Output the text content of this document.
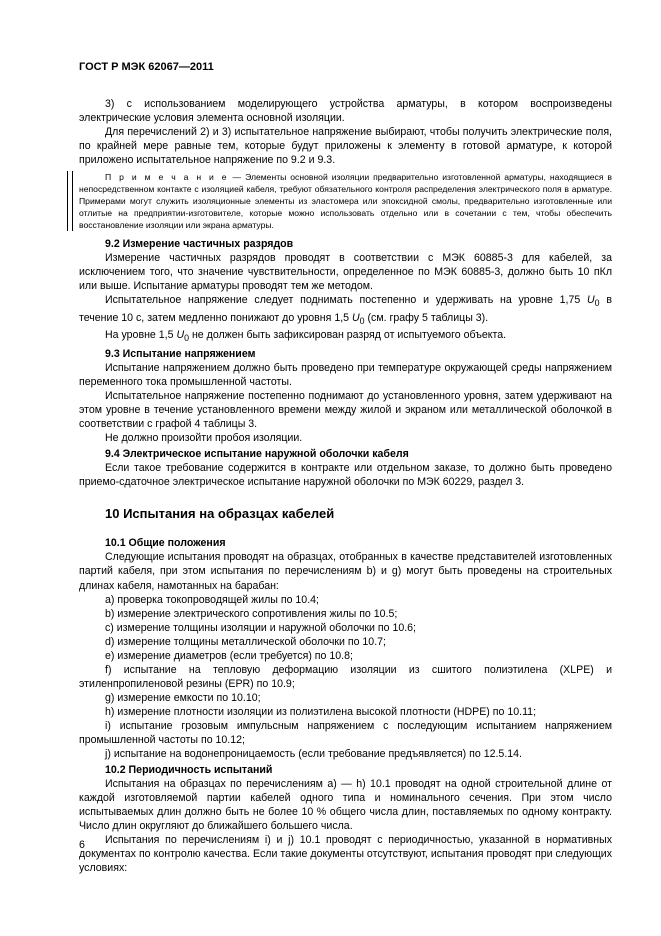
ГОСТ Р МЭК 62067—2011

3) с использованием моделирующего устройства арматуры, в котором воспроизведены электрические условия элемента основной изоляции.

Для перечислений 2) и 3) испытательное напряжение выбирают, чтобы получить электрические поля, по крайней мере равные тем, которые будут приложены к элементу в готовой арматуре, к которой приложено испытательное напряжение по 9.2 и 9.3.

П р и м е ч а н и е — Элементы основной изоляции предварительно изготовленной арматуры, находящиеся в непосредственном контакте с изоляцией кабеля, требуют обязательного контроля распределения электрического поля в арматуре. Примерами могут служить изоляционные элементы из эластомера или эпоксидной смолы, предварительно изготовленные или отлитые на предприятии-изготовителе, которые можно использовать отдельно или в сочетании с тем, чтобы обеспечить восстановление изоляции или экрана арматуры.

9.2 Измерение частичных разрядов

Измерение частичных разрядов проводят в соответствии с МЭК 60885-3 для кабелей, за исключением того, что значение чувствительности, определенное по МЭК 60885-3, должно быть 10 пКл или выше. Испытание арматуры проводят тем же методом.

Испытательное напряжение следует поднимать постепенно и удерживать на уровне 1,75 $U_0$ в течение 10 с, затем медленно понижают до уровня 1,5 $U_0$ (см. графу 5 таблицы 3).

На уровне 1,5 $U_0$ не должен быть зафиксирован разряд от испытуемого объекта.

9.3 Испытание напряжением

Испытание напряжением должно быть проведено при температуре окружающей среды напряжением переменного тока промышленной частоты.

Испытательное напряжение постепенно поднимают до установленного уровня, затем удерживают на этом уровне в течение установленного времени между жилой и экраном или металлической оболочкой в соответствии с графой 4 таблицы 3.

Не должно произойти пробоя изоляции.

9.4 Электрическое испытание наружной оболочки кабеля

Если такое требование содержится в контракте или отдельном заказе, то должно быть проведено приемо-сдаточное электрическое испытание наружной оболочки по МЭК 60229, раздел 3.

10 Испытания на образцах кабелей

10.1 Общие положения

Следующие испытания проводят на образцах, отобранных в качестве представителей изготовленных партий кабеля, при этом испытания по перечислениям b) и g) могут быть проведены на строительных длинах кабеля, намотанных на барабан:

a) проверка токопроводящей жилы по 10.4;

b) измерение электрического сопротивления жилы по 10.5;

c) измерение толщины изоляции и наружной оболочки по 10.6;

d) измерение толщины металлической оболочки по 10.7;

e) измерение диаметров (если требуется) по 10.8;

f) испытание на тепловую деформацию изоляции из сшитого полиэтилена (XLPE) и этиленпропиленовой резины (EPR) по 10.9;

g) измерение емкости по 10.10;

h) измерение плотности изоляции из полиэтилена высокой плотности (HDPE) по 10.11;

i) испытание грозовым импульсным напряжением с последующим испытанием напряжением промышленной частоты по 10.12;

j) испытание на водонепроницаемость (если требование предъявляется) по 12.5.14.

10.2 Периодичность испытаний

Испытания на образцах по перечислениям a) — h) 10.1 проводят на одной строительной длине от каждой изготовляемой партии кабелей одного типа и номинального сечения. При этом число испытываемых длин должно быть не более 10 % общего числа длин, поставляемых по одному контракту. Число длин округляют до ближайшего большего числа.

Испытания по перечислениям i) и j) 10.1 проводят с периодичностью, указанной в нормативных документах по контролю качества. Если такие документы отсутствуют, испытания проводят при следующих условиях:

6
